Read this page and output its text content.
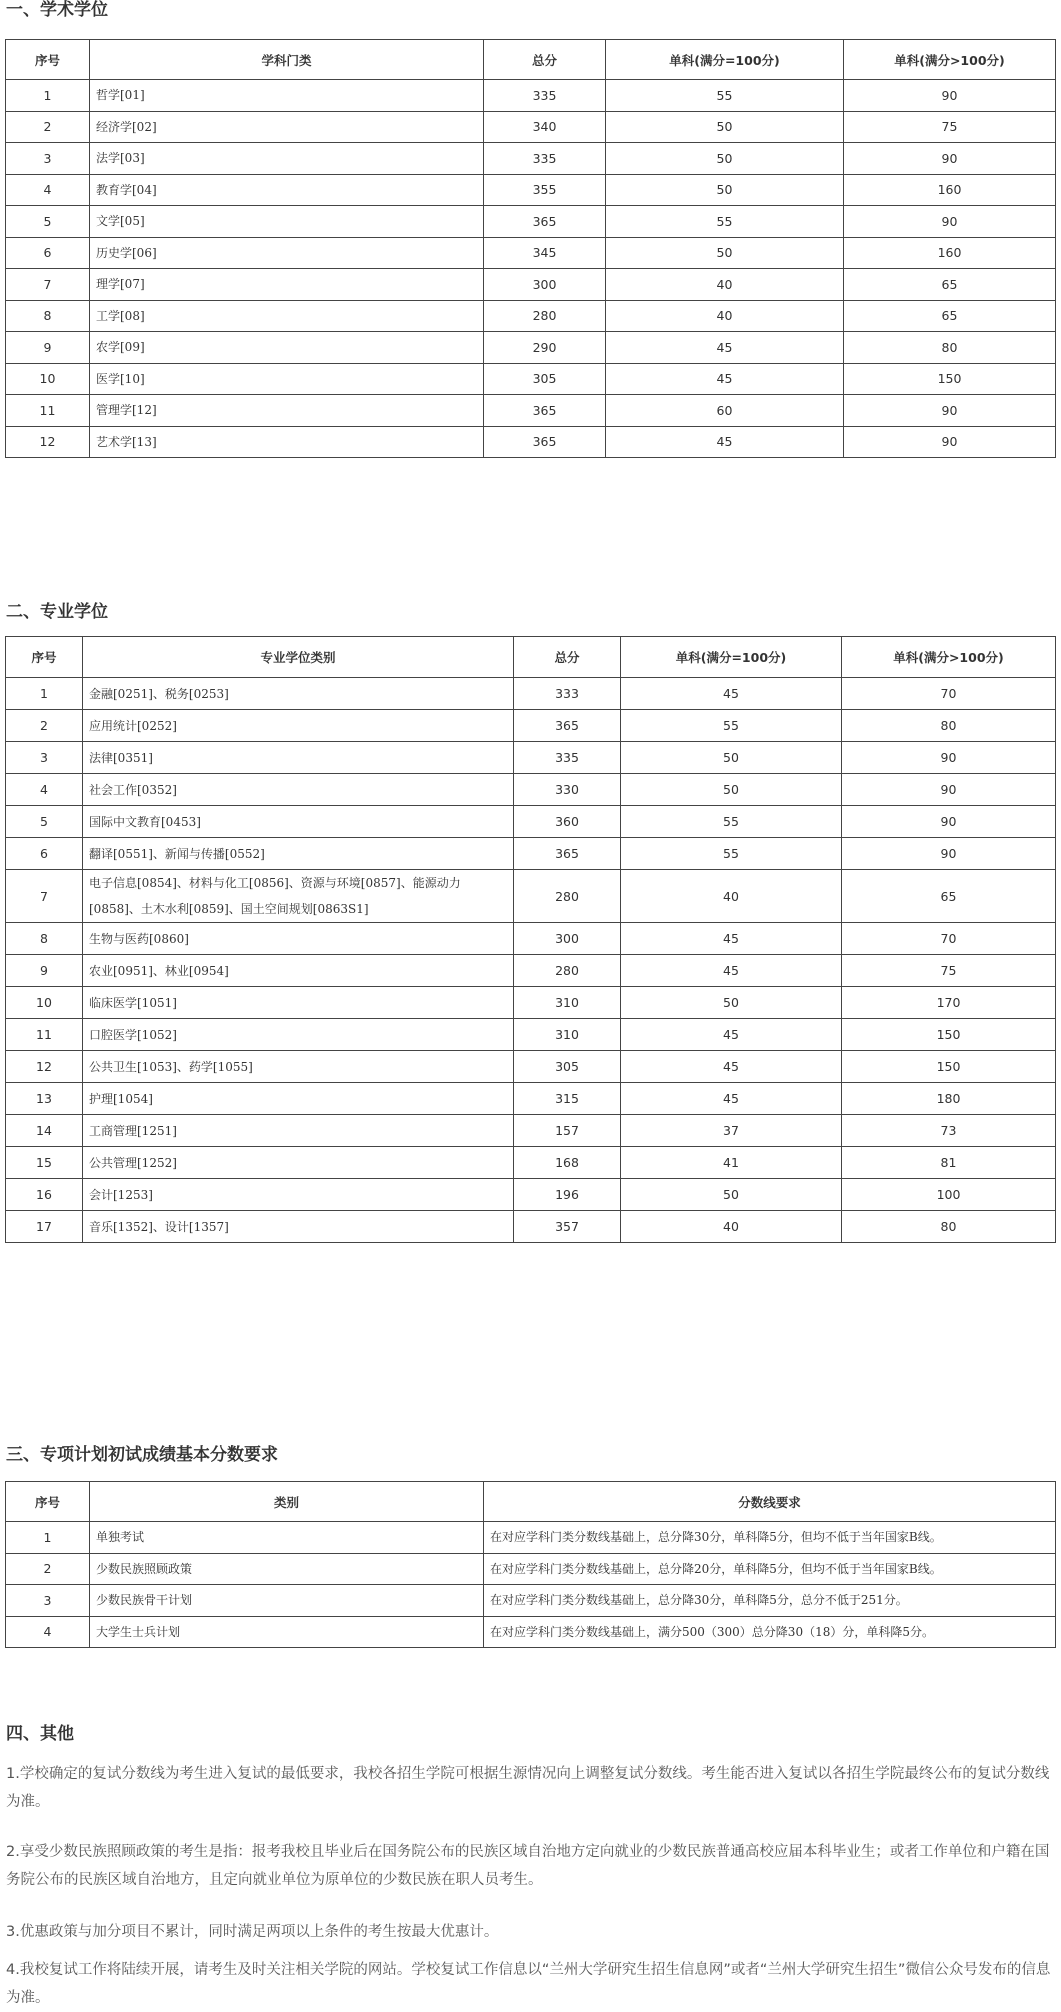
一、学术学位
序号	学科门类	总分	单科(满分=100分)	单科(满分>100分)
1	哲学[01]	335	55	90
2	经济学[02]	340	50	75
3	法学[03]	335	50	90
4	教育学[04]	355	50	160
5	文学[05]	365	55	90
6	历史学[06]	345	50	160
7	理学[07]	300	40	65
8	工学[08]	280	40	65
9	农学[09]	290	45	80
10	医学[10]	305	45	150
11	管理学[12]	365	60	90
12	艺术学[13]	365	45	90
二、专业学位
序号	专业学位类别	总分	单科(满分=100分)	单科(满分>100分)
1	金融[0251]、税务[0253]	333	45	70
2	应用统计[0252]	365	55	80
3	法律[0351]	335	50	90
4	社会工作[0352]	330	50	90
5	国际中文教育[0453]	360	55	90
6	翻译[0551]、新闻与传播[0552]	365	55	90
7	电子信息[0854]、材料与化工[0856]、资源与环境[0857]、能源动力[0858]、土木水利[0859]、国土空间规划[0863S1]	280	40	65
8	生物与医药[0860]	300	45	70
9	农业[0951]、林业[0954]	280	45	75
10	临床医学[1051]	310	50	170
11	口腔医学[1052]	310	45	150
12	公共卫生[1053]、药学[1055]	305	45	150
13	护理[1054]	315	45	180
14	工商管理[1251]	157	37	73
15	公共管理[1252]	168	41	81
16	会计[1253]	196	50	100
17	音乐[1352]、设计[1357]	357	40	80
三、专项计划初试成绩基本分数要求
序号	类别	分数线要求
1	单独考试	在对应学科门类分数线基础上，总分降30分，单科降5分，但均不低于当年国家B线。
2	少数民族照顾政策	在对应学科门类分数线基础上，总分降20分，单科降5分，但均不低于当年国家B线。
3	少数民族骨干计划	在对应学科门类分数线基础上，总分降30分，单科降5分，总分不低于251分。
4	大学生士兵计划	在对应学科门类分数线基础上，满分500（300）总分降30（18）分，单科降5分。
四、其他

1.学校确定的复试分数线为考生进入复试的最低要求，我校各招生学院可根据生源情况向上调整复试分数线。考生能否进入复试以各招生学院最终公布的复试分数线为准。

2.享受少数民族照顾政策的考生是指：报考我校且毕业后在国务院公布的民族区域自治地方定向就业的少数民族普通高校应届本科毕业生；或者工作单位和户籍在国务院公布的民族区域自治地方，且定向就业单位为原单位的少数民族在职人员考生。

3.优惠政策与加分项目不累计，同时满足两项以上条件的考生按最大优惠计。

4.我校复试工作将陆续开展，请考生及时关注相关学院的网站。学校复试工作信息以“兰州大学研究生招生信息网”或者“兰州大学研究生招生”微信公众号发布的信息为准。
